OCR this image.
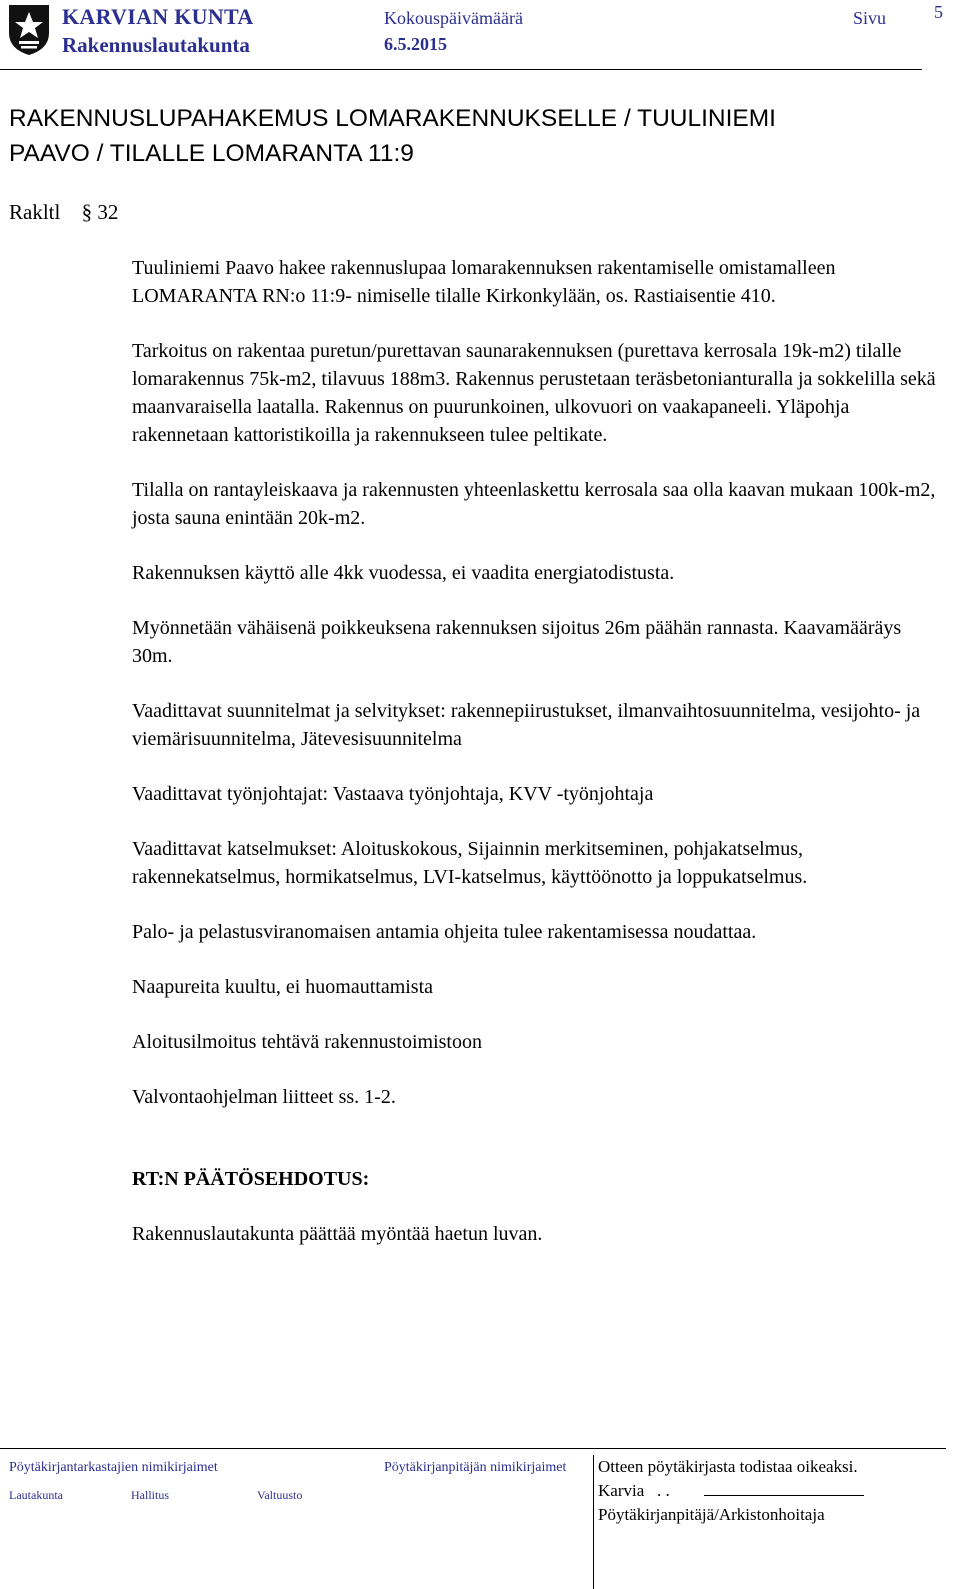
KARVIAN KUNTA
Rakennuslautakunta
Kokouspäivämäärä
6.5.2015
Sivu	5
RAKENNUSLUPAHAKEMUS LOMARAKENNUKSELLE / TUULINIEMI
PAAVO / TILALLE LOMARANTA 11:9
Rakltl § 32

Tuuliniemi Paavo hakee rakennuslupaa lomarakennuksen rakentamiselle omistamalleen LOMARANTA RN:o 11:9- nimiselle tilalle Kirkonkylään, os. Rastiaisentie 410.

Tarkoitus on rakentaa puretun/purettavan saunarakennuksen (purettava kerrosala 19k-m2) tilalle lomarakennus 75k-m2, tilavuus 188m3. Rakennus perustetaan teräsbetonianturalla ja sokkelilla sekä maanvaraisella laatalla. Rakennus on puurunkoinen, ulkovuori on vaakapaneeli. Yläpohja rakennetaan kattoristikoilla ja rakennukseen tulee peltikate.

Tilalla on rantayleiskaava ja rakennusten yhteenlaskettu kerrosala saa olla kaavan mukaan 100k-m2, josta sauna enintään 20k-m2.

Rakennuksen käyttö alle 4kk vuodessa, ei vaadita energiatodistusta.

Myönnetään vähäisenä poikkeuksena rakennuksen sijoitus 26m päähän rannasta. Kaavamääräys 30m.

Vaadittavat suunnitelmat ja selvitykset: rakennepiirustukset, ilmanvaihtosuunnitelma, vesijohto- ja viemärisuunnitelma, Jätevesisuunnitelma

Vaadittavat työnjohtajat: Vastaava työnjohtaja, KVV -työnjohtaja

Vaadittavat katselmukset: Aloituskokous, Sijainnin merkitseminen, pohjakatselmus, rakennekatselmus, hormikatselmus, LVI-katselmus, käyttöönotto ja loppukatselmus.

Palo- ja pelastusviranomaisen antamia ohjeita tulee rakentamisessa noudattaa.

Naapureita kuultu, ei huomauttamista

Aloitusilmoitus tehtävä rakennustoimistoon

Valvontaohjelman liitteet ss. 1-2.

RT:N PÄÄTÖSEHDOTUS:

Rakennuslautakunta päättää myöntää haetun luvan.

Pöytäkirjantarkastajien nimikirjaimet	Pöytäkirjanpitäjän nimikirjaimet
Lautakunta	Hallitus	Valtuusto
Otteen pöytäkirjasta todistaa oikeaksi.
Karvia . .
Pöytäkirjanpitäjä/Arkistonhoitaja
